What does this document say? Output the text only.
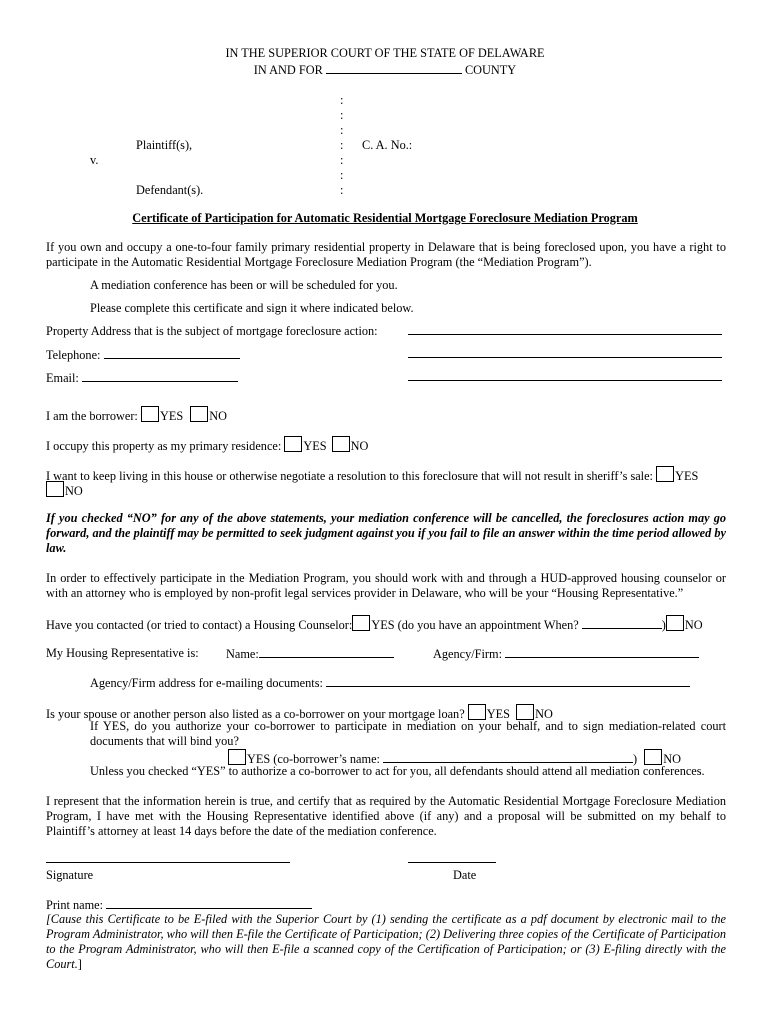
IN THE SUPERIOR COURT OF THE STATE OF DELAWARE
IN AND FOR	COUNTY
:
:
:
:
:
:
:
Plaintiff(s),
v.
Defendant(s).
C. A. No.:
Certificate of Participation for Automatic Residential Mortgage Foreclosure Mediation Program
If you own and occupy a one-to-four family primary residential property in Delaware that is being foreclosed upon, you have a right to participate in the Automatic Residential Mortgage Foreclosure Mediation Program (the “Mediation Program”).
A mediation conference has been or will be scheduled for you.
Please complete this certificate and sign it where indicated below.
Property Address that is the subject of mortgage foreclosure action:
Telephone:
Email:
I am the borrower: YES NO
I occupy this property as my primary residence: YES NO
I want to keep living in this house or otherwise negotiate a resolution to this foreclosure that will not result in sheriff’s sale: YES
NO
If you checked “NO” for any of the above statements, your mediation conference will be cancelled, the foreclosures action may go forward, and the plaintiff may be permitted to seek judgment against you if you fail to file an answer within the time period allowed by law.
In order to effectively participate in the Mediation Program, you should work with and through a HUD-approved housing counselor or with an attorney who is employed by non-profit legal services provider in Delaware, who will be your “Housing Representative.”
Have you contacted (or tried to contact) a Housing Counselor: YES (do you have an appointment When?	) NO
My Housing Representative is: Name:	Agency/Firm:
Agency/Firm address for e-mailing documents:
Is your spouse or another person also listed as a co-borrower on your mortgage loan? YES NO
If YES, do you authorize your co-borrower to participate in mediation on your behalf, and to sign mediation-related court documents that will bind you?
YES (co-borrower’s name:	) NO
Unless you checked “YES” to authorize a co-borrower to act for you, all defendants should attend all mediation conferences.
I represent that the information herein is true, and certify that as required by the Automatic Residential Mortgage Foreclosure Mediation Program, I have met with the Housing Representative identified above (if any) and a proposal will be submitted on my behalf to Plaintiff’s attorney at least 14 days before the date of the mediation conference.
Signature	Date
Print name:
[Cause this Certificate to be E-filed with the Superior Court by (1) sending the certificate as a pdf document by electronic mail to the Program Administrator, who will then E-file the Certificate of Participation; (2) Delivering three copies of the Certificate of Participation to the Program Administrator, who will then E-file a scanned copy of the Certification of Participation; or (3) E-filing directly with the Court.]
